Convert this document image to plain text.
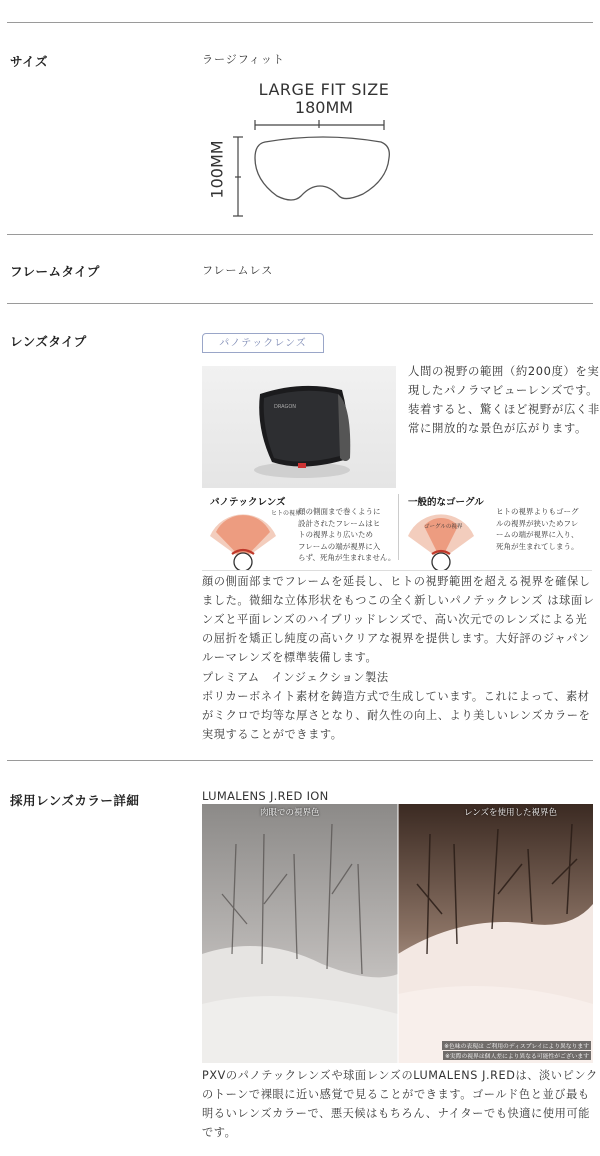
サイズ	ラージフィット
LARGE FIT SIZE
180MM
100MM
フレームタイプ	フレームレス
レンズタイプ	パノテックレンズ
DRAGON
人間の視野の範囲（約200度）を実
現したパノラマビューレンズです。
装着すると、驚くほど視野が広く非
常に開放的な景色が広がります。
パノテックレンズ
ヒトの視界
顔の側面まで巻くように
設計されたフレームはヒ
トの視界より広いため
フレームの端が視界に入
らず、死角が生まれません。
一般的なゴーグル
ゴーグルの視界
ヒトの視界よりもゴーグ
ルの視界が狭いためフレ
ームの端が視界に入り、
死角が生まれてしまう。
顔の側面部までフレームを延長し、ヒトの視野範囲を超える視界を確保し
ました。微細な立体形状をもつこの全く新しいパノテックレンズ は球面レ
ンズと平面レンズのハイブリッドレンズで、高い次元でのレンズによる光
の屈折を矯正し純度の高いクリアな視界を提供します。大好評のジャパン
ルーマレンズを標準装備します。
プレミアム　インジェクション製法
ポリカーボネイト素材を鋳造方式で生成しています。これによって、素材
がミクロで均等な厚さとなり、耐久性の向上、より美しいレンズカラーを
実現することができます。
採用レンズカラー詳細	LUMALENS J.RED ION
肉眼での視界色	レンズを使用した視界色
※色味の表現は ご利用のディスプレイにより異なります
※実際の視界は個人差により異なる可能性がございます
PXVのパノテックレンズや球面レンズのLUMALENS J.REDは、淡いピンク
のトーンで裸眼に近い感覚で見ることができます。ゴールド色と並び最も
明るいレンズカラーで、悪天候はもちろん、ナイターでも快適に使用可能
です。
